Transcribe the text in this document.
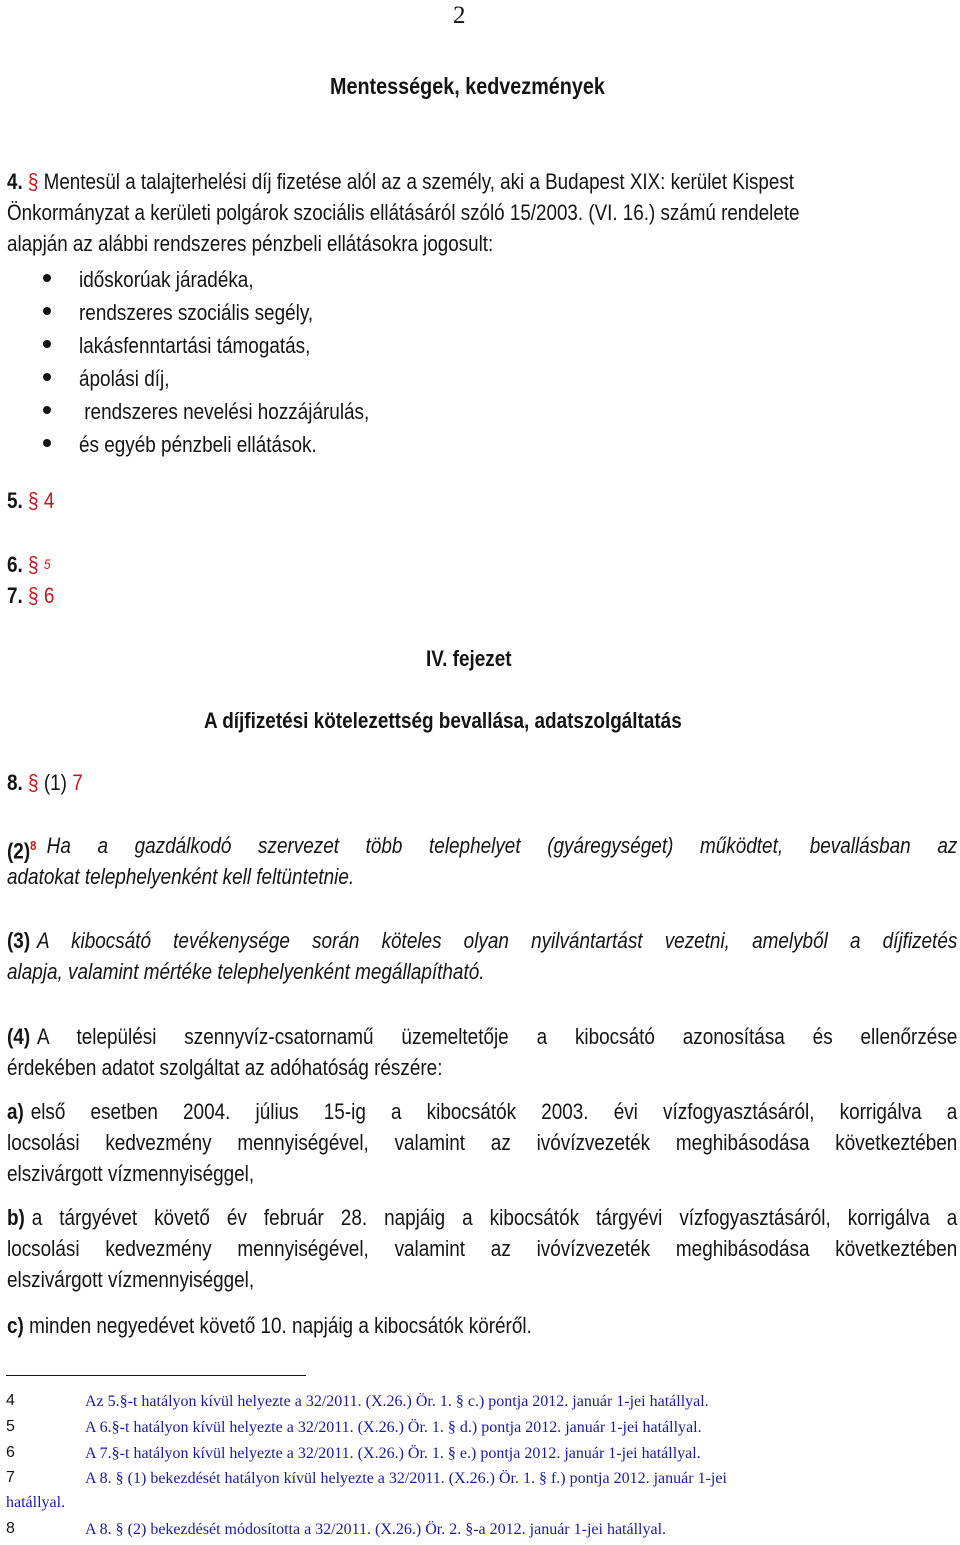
2
Mentességek, kedvezmények
4. § Mentesül a talajterhelési díj fizetése alól az a személy, aki a Budapest XIX: kerület Kispest
Önkormányzat a kerületi polgárok szociális ellátásáról szóló 15/2003. (VI. 16.) számú rendelete
alapján az alábbi rendszeres pénzbeli ellátásokra jogosult:
időskorúak járadéka,
rendszeres szociális segély,
lakásfenntartási támogatás,
ápolási díj,
rendszeres nevelési hozzájárulás,
és egyéb pénzbeli ellátások.
5. § 4
6. § $^5$
7. § 6
IV. fejezet
A díjfizetési kötelezettség bevallása, adatszolgáltatás
8. § (1) 7
$(2)^8$ Ha a gazdálkodó szervezet több telephelyet (gyáregységet) működtet, bevallásban az
adatokat telephelyenként kell feltüntetnie.
(3) A kibocsátó tevékenysége során köteles olyan nyilvántartást vezetni, amelyből a díjfizetés
alapja, valamint mértéke telephelyenként megállapítható.
(4) A települési szennyvíz-csatornamű üzemeltetője a kibocsátó azonosítása és ellenőrzése
érdekében adatot szolgáltat az adóhatóság részére:
a) első esetben 2004. július 15-ig a kibocsátók 2003. évi vízfogyasztásáról, korrigálva a
locsolási kedvezmény mennyiségével, valamint az ivóvízvezeték meghibásodása következtében
elszivárgott vízmennyiséggel,
b) a tárgyévet követő év február 28. napjáig a kibocsátók tárgyévi vízfogyasztásáról, korrigálva a
locsolási kedvezmény mennyiségével, valamint az ivóvízvezeték meghibásodása következtében
elszivárgott vízmennyiséggel,
c) minden negyedévet követő 10. napjáig a kibocsátók köréről.
4	Az 5.§-t hatályon kívül helyezte a 32/2011. (X.26.) Ör. 1. § c.) pontja 2012. január 1-jei hatállyal.
5	A 6.§-t hatályon kívül helyezte a 32/2011. (X.26.) Ör. 1. § d.) pontja 2012. január 1-jei hatállyal.
6	A 7.§-t hatályon kívül helyezte a 32/2011. (X.26.) Ör. 1. § e.) pontja 2012. január 1-jei hatállyal.
7	A 8. § (1) bekezdését hatályon kívül helyezte a 32/2011. (X.26.) Ör. 1. § f.) pontja 2012. január 1-jei
hatállyal.
8	A 8. § (2) bekezdését módosította a 32/2011. (X.26.) Ör. 2. §-a 2012. január 1-jei hatállyal.
